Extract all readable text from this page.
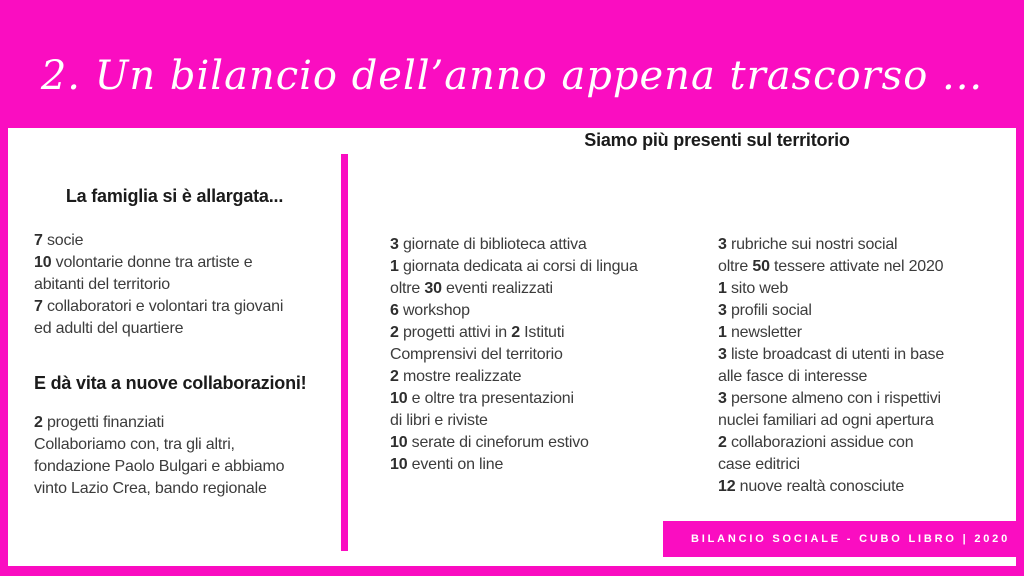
2. Un bilancio dell’anno appena trascorso ...
La famiglia si è allargata...
7 socie
10 volontarie donne tra artiste e
abitanti del territorio
7 collaboratori e volontari tra giovani
ed adulti del quartiere
E dà vita a nuove collaborazioni!
2 progetti finanziati
Collaboriamo con, tra gli altri,
fondazione Paolo Bulgari e abbiamo
vinto Lazio Crea, bando regionale
Siamo più presenti sul territorio
3 giornate di biblioteca attiva
1 giornata dedicata ai corsi di lingua
oltre 30 eventi realizzati
6 workshop
2 progetti attivi in 2 Istituti
Comprensivi del territorio
2 mostre realizzate
10 e oltre tra presentazioni
di libri e riviste
10 serate di cineforum estivo
10 eventi on line
3 rubriche sui nostri social
oltre 50 tessere attivate nel 2020
1 sito web
3 profili social
1 newsletter
3 liste broadcast di utenti in base
alle fasce di interesse
3 persone almeno con i rispettivi
nuclei familiari ad ogni apertura
2 collaborazioni assidue con
case editrici
12 nuove realtà conosciute
BILANCIO SOCIALE - CUBO LIBRO | 2020
